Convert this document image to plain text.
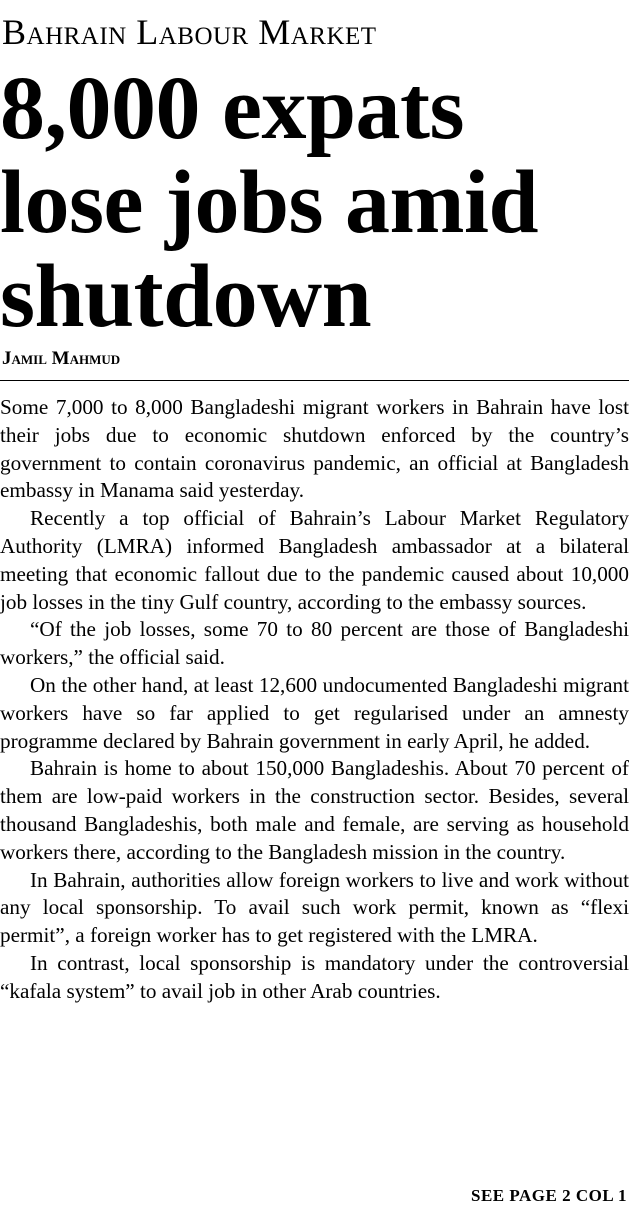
Bahrain Labour Market
8,000 expats
lose jobs amid
shutdown
Jamil Mahmud

Some 7,000 to 8,000 Bangladeshi migrant workers in Bahrain have lost their jobs due to economic shutdown enforced by the country’s government to contain coronavirus pandemic, an official at Bangladesh embassy in Manama said yesterday.

Recently a top official of Bahrain’s Labour Market Regulatory Authority (LMRA) informed Bangladesh ambassador at a bilateral meeting that economic fallout due to the pandemic caused about 10,000 job losses in the tiny Gulf country, according to the embassy sources.

“Of the job losses, some 70 to 80 percent are those of Bangladeshi workers,” the official said.

On the other hand, at least 12,600 undocumented Bangladeshi migrant workers have so far applied to get regularised under an amnesty programme declared by Bahrain government in early April, he added.

Bahrain is home to about 150,000 Bangladeshis. About 70 percent of them are low-paid workers in the construction sector. Besides, several thousand Bangladeshis, both male and female, are serving as household workers there, according to the Bangladesh mission in the country.

In Bahrain, authorities allow foreign workers to live and work without any local sponsorship. To avail such work permit, known as “flexi permit”, a foreign worker has to get registered with the LMRA.

In contrast, local sponsorship is mandatory under the controversial “kafala system” to avail job in other Arab countries.

SEE PAGE 2 COL 1
